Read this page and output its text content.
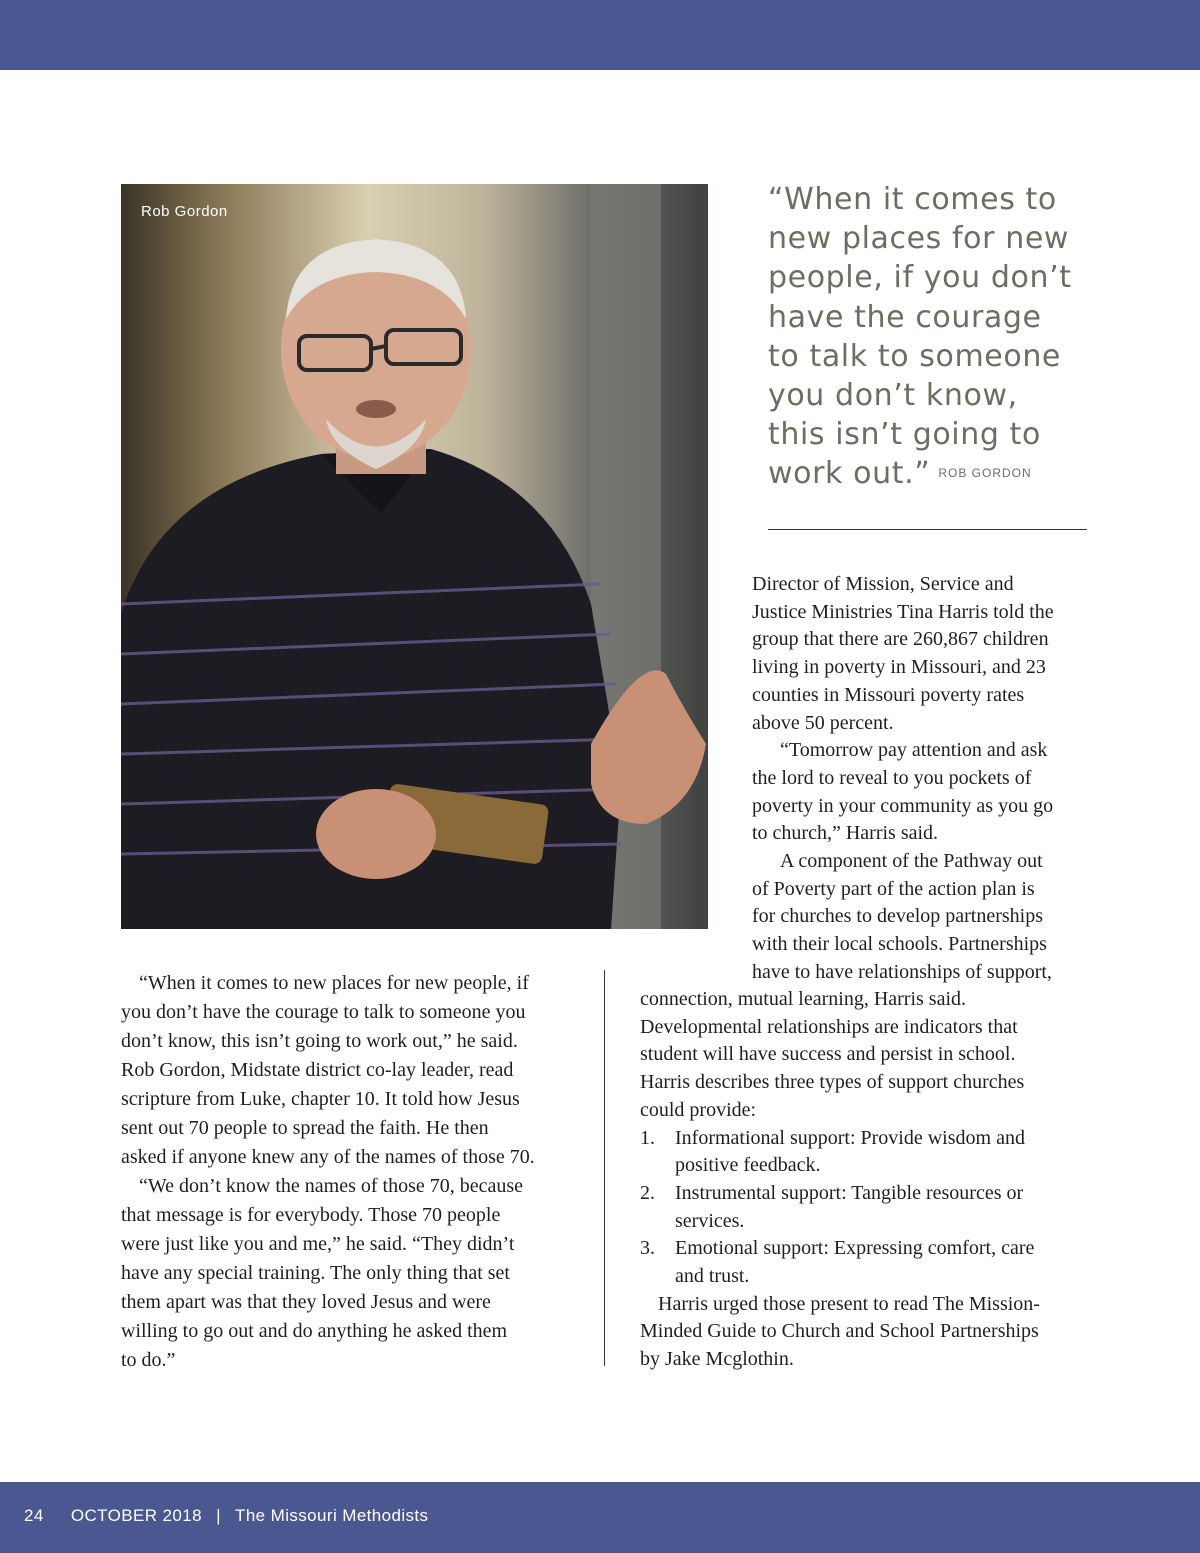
Rob Gordon	“When it comes to
new places for new
people, if you don’t
have the courage
to talk to someone
you don’t know,
this isn’t going to
work out.” $^{ROB GORDON}$
“When it comes to new places for new people, if
you don’t have the courage to talk to someone you
don’t know, this isn’t going to work out,” he said.
Rob Gordon, Midstate district co-lay leader, read
scripture from Luke, chapter 10. It told how Jesus
sent out 70 people to spread the faith. He then
asked if anyone knew any of the names of those 70.
“We don’t know the names of those 70, because
that message is for everybody. Those 70 people
were just like you and me,” he said. “They didn’t
have any special training. The only thing that set
them apart was that they loved Jesus and were
willing to go out and do anything he asked them
to do.”
Director of Mission, Service and
Justice Ministries Tina Harris told the
group that there are 260,867 children
living in poverty in Missouri, and 23
counties in Missouri poverty rates
above 50 percent.
“Tomorrow pay attention and ask
the lord to reveal to you pockets of
poverty in your community as you go
to church,” Harris said.
A component of the Pathway out
of Poverty part of the action plan is
for churches to develop partnerships
with their local schools. Partnerships
have to have relationships of support,
connection, mutual learning, Harris said.
Developmental relationships are indicators that
student will have success and persist in school.
Harris describes three types of support churches
could provide:
1.	Informational support: Provide wisdom and
positive feedback.
2.	Instrumental support: Tangible resources or
services.
3.	Emotional support: Expressing comfort, care
and trust.
Harris urged those present to read The Mission-
Minded Guide to Church and School Partnerships
by Jake Mcglothin.
24 OCTOBER 2018 | The Missouri Methodists
